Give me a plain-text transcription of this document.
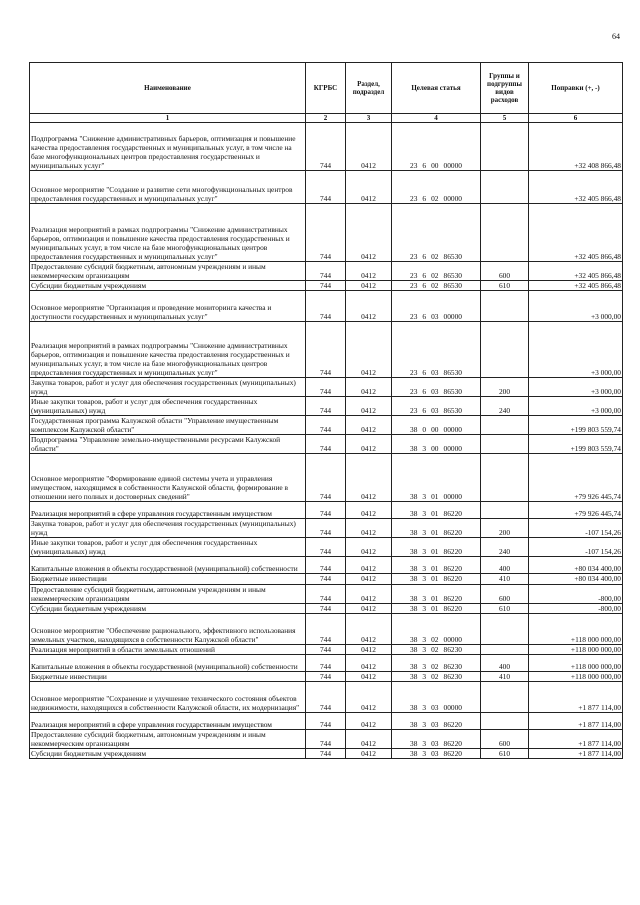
64
Наименование	КГРБС	Раздел, подраздел	Целевая статья	Группы и подгруппы видов расходов	Поправки (+, -)
1	2	3	4	5	6
Подпрограмма "Снижение административных барьеров, оптимизация и повышение качества предоставления государственных и муниципальных услуг, в том числе на базе многофункциональных центров предоставления государственных и муниципальных услуг"	744	0412	23 6 00 00000		+32 408 866,48
Основное мероприятие "Создание и развитие сети многофункциональных центров предоставления государственных и муниципальных услуг"	744	0412	23 6 02 00000		+32 405 866,48
Реализация мероприятий в рамках подпрограммы "Снижение административных барьеров, оптимизация и повышение качества предоставления государственных и муниципальных услуг, в том числе на базе многофункциональных центров предоставления государственных и муниципальных услуг"	744	0412	23 6 02 86530		+32 405 866,48
Предоставление субсидий бюджетным, автономным учреждениям и иным некоммерческим организациям	744	0412	23 6 02 86530	600	+32 405 866,48
Субсидии бюджетным учреждениям	744	0412	23 6 02 86530	610	+32 405 866,48
Основное мероприятие "Организация и проведение мониторинга качества и доступности государственных и муниципальных услуг"	744	0412	23 6 03 00000		+3 000,00
Реализация мероприятий в рамках подпрограммы "Снижение административных барьеров, оптимизация и повышение качества предоставления государственных и муниципальных услуг, в том числе на базе многофункциональных центров предоставления государственных и муниципальных услуг"	744	0412	23 6 03 86530		+3 000,00
Закупка товаров, работ и услуг для обеспечения государственных (муниципальных) нужд	744	0412	23 6 03 86530	200	+3 000,00
Иные закупки товаров, работ и услуг для обеспечения государственных (муниципальных) нужд	744	0412	23 6 03 86530	240	+3 000,00
Государственная программа Калужской области "Управление имущественным комплексом Калужской области"	744	0412	38 0 00 00000		+199 803 559,74
Подпрограмма "Управление земельно-имущественными ресурсами Калужской области"	744	0412	38 3 00 00000		+199 803 559,74
Основное мероприятие "Формирование единой системы учета и управления имуществом, находящимся в собственности Калужской области, формирование в отношении него полных и достоверных сведений"	744	0412	38 3 01 00000		+79 926 445,74
Реализация мероприятий в сфере управления государственным имуществом	744	0412	38 3 01 86220		+79 926 445,74
Закупка товаров, работ и услуг для обеспечения государственных (муниципальных) нужд	744	0412	38 3 01 86220	200	-107 154,26
Иные закупки товаров, работ и услуг для обеспечения государственных (муниципальных) нужд	744	0412	38 3 01 86220	240	-107 154,26
Капитальные вложения в объекты государственной (муниципальной) собственности	744	0412	38 3 01 86220	400	+80 034 400,00
Бюджетные инвестиции	744	0412	38 3 01 86220	410	+80 034 400,00
Предоставление субсидий бюджетным, автономным учреждениям и иным некоммерческим организациям	744	0412	38 3 01 86220	600	-800,00
Субсидии бюджетным учреждениям	744	0412	38 3 01 86220	610	-800,00
Основное мероприятие "Обеспечение рационального, эффективного использования земельных участков, находящихся в собственности Калужской области"	744	0412	38 3 02 00000		+118 000 000,00
Реализация мероприятий в области земельных отношений	744	0412	38 3 02 86230		+118 000 000,00
Капитальные вложения в объекты государственной (муниципальной) собственности	744	0412	38 3 02 86230	400	+118 000 000,00
Бюджетные инвестиции	744	0412	38 3 02 86230	410	+118 000 000,00
Основное мероприятие "Сохранение и улучшение технического состояния объектов недвижимости, находящихся в собственности Калужской области, их модернизация"	744	0412	38 3 03 00000		+1 877 114,00
Реализация мероприятий в сфере управления государственным имуществом	744	0412	38 3 03 86220		+1 877 114,00
Предоставление субсидий бюджетным, автономным учреждениям и иным некоммерческим организациям	744	0412	38 3 03 86220	600	+1 877 114,00
Субсидии бюджетным учреждениям	744	0412	38 3 03 86220	610	+1 877 114,00
